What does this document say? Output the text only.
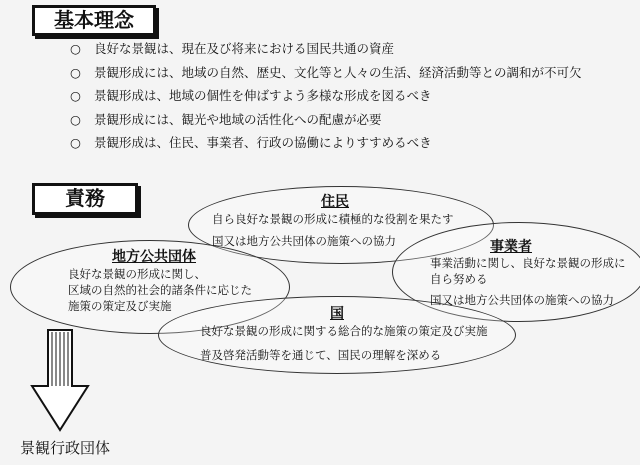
基本理念
○ 良好な景観は、現在及び将来における国民共通の資産
○ 景観形成には、地域の自然、歴史、文化等と人々の生活、経済活動等との調和が不可欠
○ 景観形成は、地域の個性を伸ばすよう多様な形成を図るべき
○ 景観形成には、観光や地域の活性化への配慮が必要
○ 景観形成は、住民、事業者、行政の協働によりすすめるべき
責務	住民
自ら良好な景観の形成に積極的な役割を果たす
国又は地方公共団体の施策への協力
地方公共団体
良好な景観の形成に関し、
区域の自然的社会的諸条件に応じた
施策の策定及び実施
事業者
事業活動に関し、良好な景観の形成に
自ら努める
国又は地方公共団体の施策への協力
国
良好な景観の形成に関する総合的な施策の策定及び実施
普及啓発活動等を通じて、国民の理解を深める
景観行政団体
